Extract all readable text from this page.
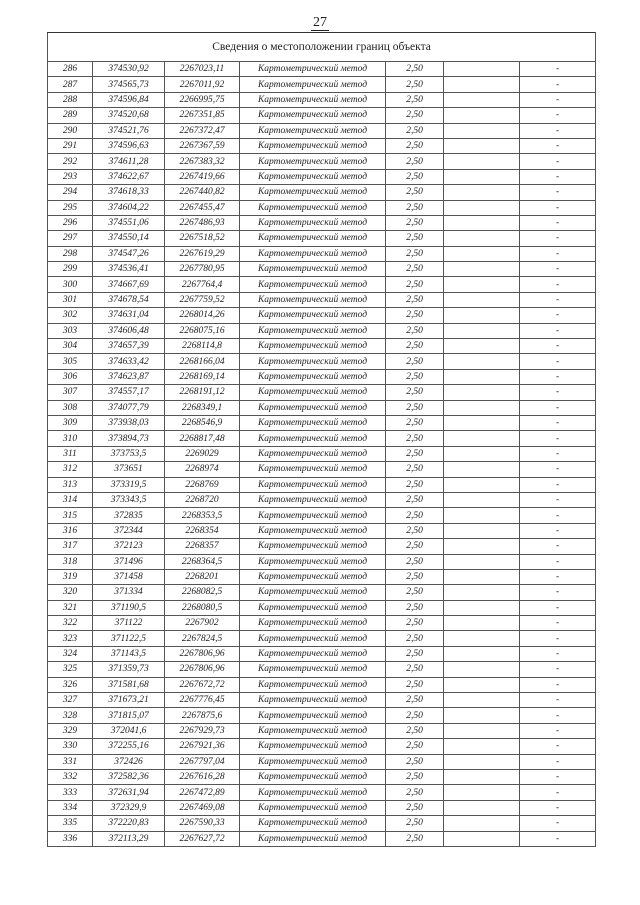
27
Сведения о местоположении границ объекта						
286	374530,92	2267023,11	Картометрический метод	2,50		-
287	374565,73	2267011,92	Картометрический метод	2,50		-
288	374596,84	2266995,75	Картометрический метод	2,50		-
289	374520,68	2267351,85	Картометрический метод	2,50		-
290	374521,76	2267372,47	Картометрический метод	2,50		-
291	374596,63	2267367,59	Картометрический метод	2,50		-
292	374611,28	2267383,32	Картометрический метод	2,50		-
293	374622,67	2267419,66	Картометрический метод	2,50		-
294	374618,33	2267440,82	Картометрический метод	2,50		-
295	374604,22	2267455,47	Картометрический метод	2,50		-
296	374551,06	2267486,93	Картометрический метод	2,50		-
297	374550,14	2267518,52	Картометрический метод	2,50		-
298	374547,26	2267619,29	Картометрический метод	2,50		-
299	374536,41	2267780,95	Картометрический метод	2,50		-
300	374667,69	2267764,4	Картометрический метод	2,50		-
301	374678,54	2267759,52	Картометрический метод	2,50		-
302	374631,04	2268014,26	Картометрический метод	2,50		-
303	374606,48	2268075,16	Картометрический метод	2,50		-
304	374657,39	2268114,8	Картометрический метод	2,50		-
305	374633,42	2268166,04	Картометрический метод	2,50		-
306	374623,87	2268169,14	Картометрический метод	2,50		-
307	374557,17	2268191,12	Картометрический метод	2,50		-
308	374077,79	2268349,1	Картометрический метод	2,50		-
309	373938,03	2268546,9	Картометрический метод	2,50		-
310	373894,73	2268817,48	Картометрический метод	2,50		-
311	373753,5	2269029	Картометрический метод	2,50		-
312	373651	2268974	Картометрический метод	2,50		-
313	373319,5	2268769	Картометрический метод	2,50		-
314	373343,5	2268720	Картометрический метод	2,50		-
315	372835	2268353,5	Картометрический метод	2,50		-
316	372344	2268354	Картометрический метод	2,50		-
317	372123	2268357	Картометрический метод	2,50		-
318	371496	2268364,5	Картометрический метод	2,50		-
319	371458	2268201	Картометрический метод	2,50		-
320	371334	2268082,5	Картометрический метод	2,50		-
321	371190,5	2268080,5	Картометрический метод	2,50		-
322	371122	2267902	Картометрический метод	2,50		-
323	371122,5	2267824,5	Картометрический метод	2,50		-
324	371143,5	2267806,96	Картометрический метод	2,50		-
325	371359,73	2267806,96	Картометрический метод	2,50		-
326	371581,68	2267672,72	Картометрический метод	2,50		-
327	371673,21	2267776,45	Картометрический метод	2,50		-
328	371815,07	2267875,6	Картометрический метод	2,50		-
329	372041,6	2267929,73	Картометрический метод	2,50		-
330	372255,16	2267921,36	Картометрический метод	2,50		-
331	372426	2267797,04	Картометрический метод	2,50		-
332	372582,36	2267616,28	Картометрический метод	2,50		-
333	372631,94	2267472,89	Картометрический метод	2,50		-
334	372329,9	2267469,08	Картометрический метод	2,50		-
335	372220,83	2267590,33	Картометрический метод	2,50		-
336	372113,29	2267627,72	Картометрический метод	2,50		-
